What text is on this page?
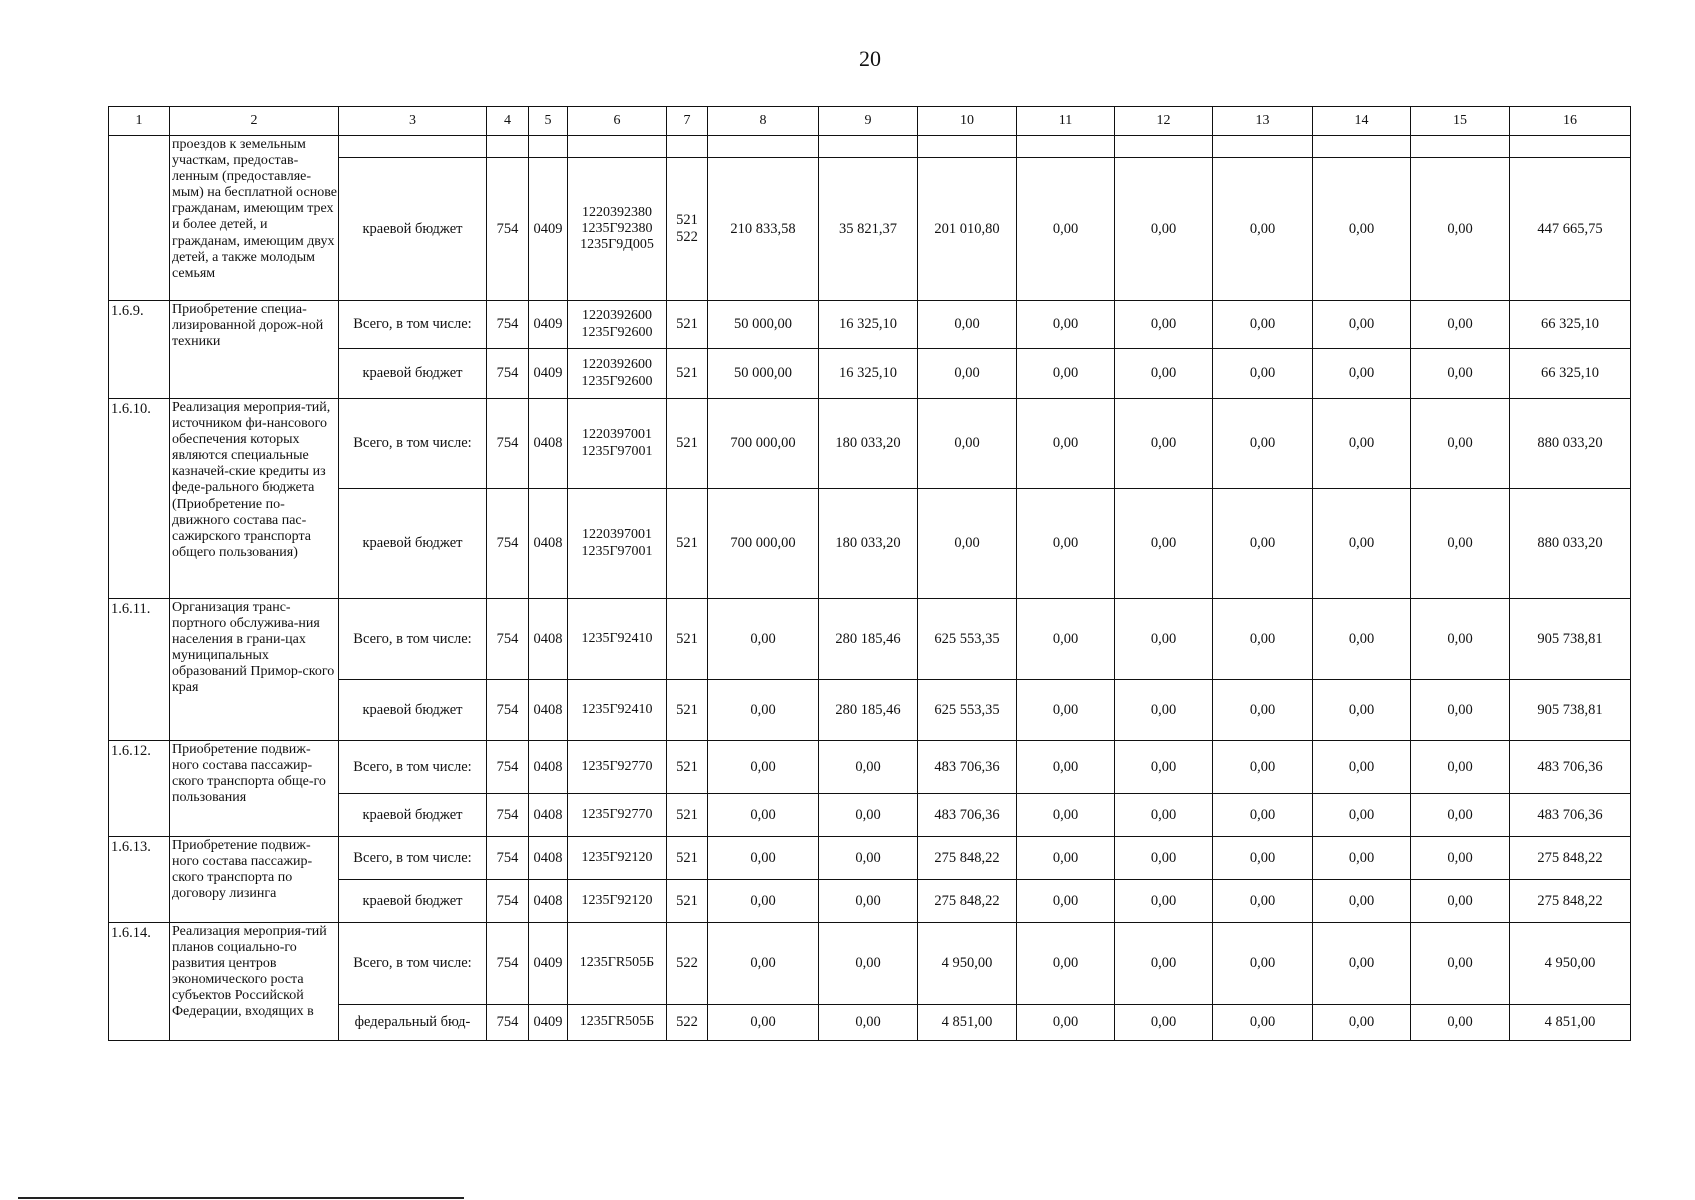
20
1	2	3	4	5	6	7	8	9	10	11	12	13	14	15	16
	проездов к земельным участкам, предостав-ленным (предоставляе-мым) на бесплатной основе гражданам, имеющим трех и более детей, и гражданам, имеющим двух детей, а также молодым семьям														
		краевой бюджет	754	0409	1220392380
1235Г92380
1235Г9Д005	521
522	210 833,58	35 821,37	201 010,80	0,00	0,00	0,00	0,00	0,00	447 665,75
1.6.9.	Приобретение специа-лизированной дорож-ной техники	Всего, в том числе:	754	0409	1220392600
1235Г92600	521	50 000,00	16 325,10	0,00	0,00	0,00	0,00	0,00	0,00	66 325,10
		краевой бюджет	754	0409	1220392600
1235Г92600	521	50 000,00	16 325,10	0,00	0,00	0,00	0,00	0,00	0,00	66 325,10
1.6.10.	Реализация мероприя-тий, источником фи-нансового обеспечения которых являются специальные казначей-ские кредиты из феде-рального бюджета (Приобретение по-движного состава пас-сажирского транспорта общего пользования)	Всего, в том числе:	754	0408	1220397001
1235Г97001	521	700 000,00	180 033,20	0,00	0,00	0,00	0,00	0,00	0,00	880 033,20
		краевой бюджет	754	0408	1220397001
1235Г97001	521	700 000,00	180 033,20	0,00	0,00	0,00	0,00	0,00	0,00	880 033,20
1.6.11.	Организация транс-портного обслужива-ния населения в грани-цах муниципальных образований Примор-ского края	Всего, в том числе:	754	0408	1235Г92410	521	0,00	280 185,46	625 553,35	0,00	0,00	0,00	0,00	0,00	905 738,81
		краевой бюджет	754	0408	1235Г92410	521	0,00	280 185,46	625 553,35	0,00	0,00	0,00	0,00	0,00	905 738,81
1.6.12.	Приобретение подвиж-ного состава пассажир-ского транспорта обще-го пользования	Всего, в том числе:	754	0408	1235Г92770	521	0,00	0,00	483 706,36	0,00	0,00	0,00	0,00	0,00	483 706,36
		краевой бюджет	754	0408	1235Г92770	521	0,00	0,00	483 706,36	0,00	0,00	0,00	0,00	0,00	483 706,36
1.6.13.	Приобретение подвиж-ного состава пассажир-ского транспорта по договору лизинга	Всего, в том числе:	754	0408	1235Г92120	521	0,00	0,00	275 848,22	0,00	0,00	0,00	0,00	0,00	275 848,22
		краевой бюджет	754	0408	1235Г92120	521	0,00	0,00	275 848,22	0,00	0,00	0,00	0,00	0,00	275 848,22
1.6.14.	Реализация мероприя-тий планов социально-го развития центров экономического роста субъектов Российской Федерации, входящих в	Всего, в том числе:	754	0409	1235ГR505Б	522	0,00	0,00	4 950,00	0,00	0,00	0,00	0,00	0,00	4 950,00
		федеральный бюд-	754	0409	1235ГR505Б	522	0,00	0,00	4 851,00	0,00	0,00	0,00	0,00	0,00	4 851,00
